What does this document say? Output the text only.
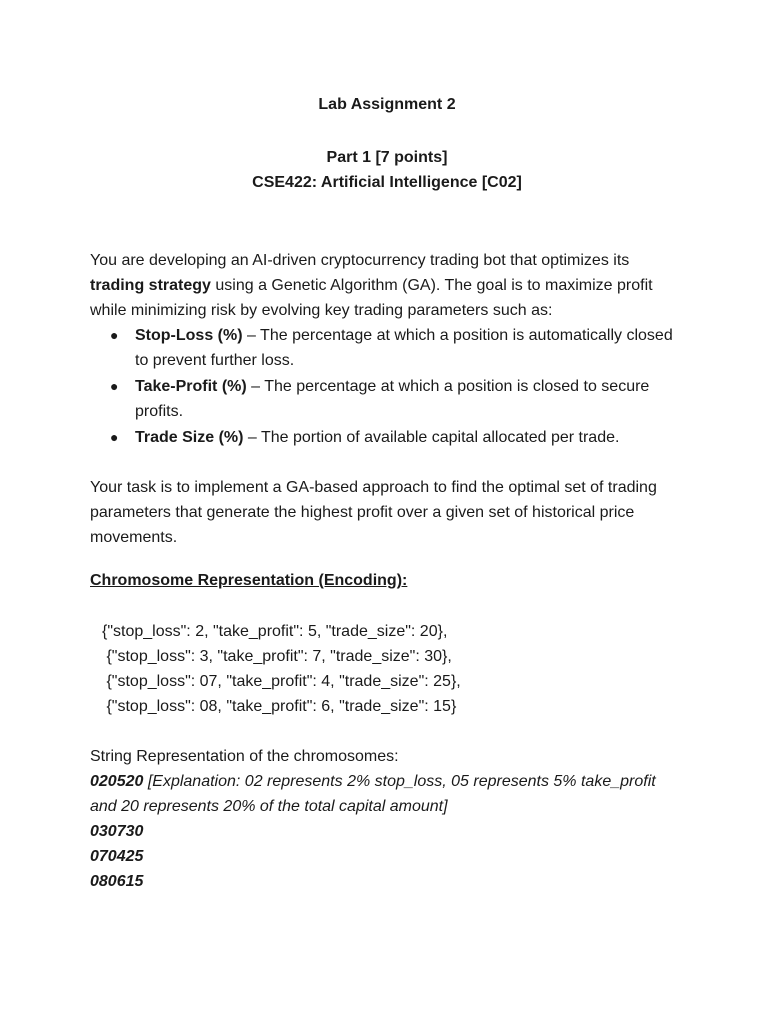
Lab Assignment 2

Part 1 [7 points]

CSE422: Artificial Intelligence [C02]

You are developing an AI-driven cryptocurrency trading bot that optimizes its trading strategy using a Genetic Algorithm (GA). The goal is to maximize profit while minimizing risk by evolving key trading parameters such as:

● Stop-Loss (%) – The percentage at which a position is automatically closed to prevent further loss.
● Take-Profit (%) – The percentage at which a position is closed to secure profits.
● Trade Size (%) – The portion of available capital allocated per trade.

Your task is to implement a GA-based approach to find the optimal set of trading parameters that generate the highest profit over a given set of historical price movements.

Chromosome Representation (Encoding):

{"stop_loss": 2, "take_profit": 5, "trade_size": 20},
{"stop_loss": 3, "take_profit": 7, "trade_size": 30},
{"stop_loss": 07, "take_profit": 4, "trade_size": 25},
{"stop_loss": 08, "take_profit": 6, "trade_size": 15}

String Representation of the chromosomes:

020520 [Explanation: 02 represents 2% stop_loss, 05 represents 5% take_profit and 20 represents 20% of the total capital amount]

030730

070425

080615
